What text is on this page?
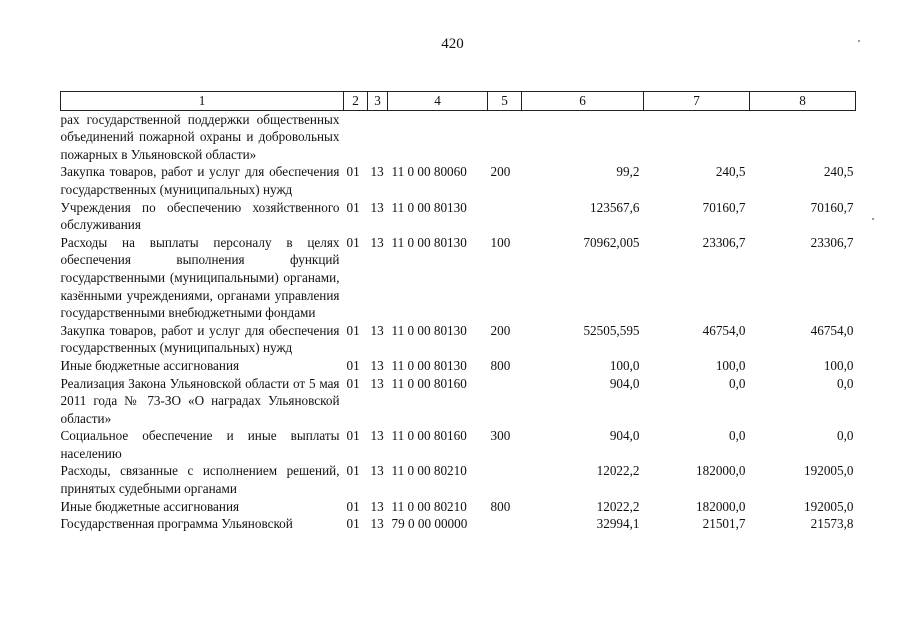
420
1	2	3	4	5	6	7	8
рах государственной поддержки общественных объединений пожарной охраны и добровольных пожарных в Ульяновской области»							
Закупка товаров, работ и услуг для обеспечения государственных (муниципальных) нужд	01	13	11 0 00 80060	200	99,2	240,5	240,5
Учреждения по обеспечению хозяйственного обслуживания	01	13	11 0 00 80130		123567,6	70160,7	70160,7
Расходы на выплаты персоналу в целях обеспечения выполнения функций государственными (муниципальными) органами, казёнными учреждениями, органами управления государственными внебюджетными фондами	01	13	11 0 00 80130	100	70962,005	23306,7	23306,7
Закупка товаров, работ и услуг для обеспечения государственных (муниципальных) нужд	01	13	11 0 00 80130	200	52505,595	46754,0	46754,0
Иные бюджетные ассигнования	01	13	11 0 00 80130	800	100,0	100,0	100,0
Реализация Закона Ульяновской области от 5 мая 2011 года № 73-ЗО «О наградах Ульяновской области»	01	13	11 0 00 80160		904,0	0,0	0,0
Социальное обеспечение и иные выплаты населению	01	13	11 0 00 80160	300	904,0	0,0	0,0
Расходы, связанные с исполнением решений, принятых судебными органами	01	13	11 0 00 80210		12022,2	182000,0	192005,0
Иные бюджетные ассигнования	01	13	11 0 00 80210	800	12022,2	182000,0	192005,0
Государственная программа Ульяновской	01	13	79 0 00 00000		32994,1	21501,7	21573,8
